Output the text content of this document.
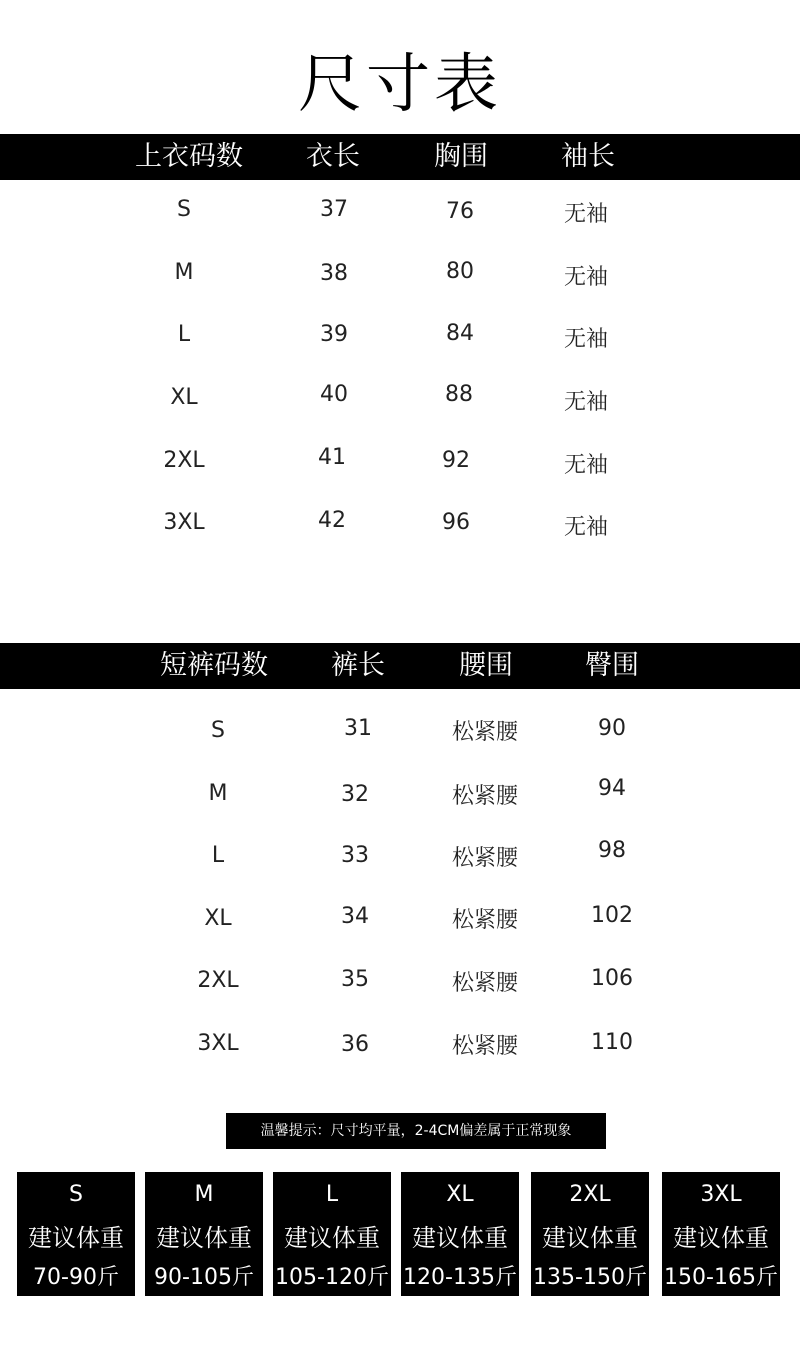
尺寸表
上衣码数 衣长	胸围	袖长
S	37	76	无袖
M	38	80	无袖
L	39	84	无袖
XL	40	88	无袖
2XL	41	92	无袖
3XL	42	96	无袖
短裤码数 裤长	腰围	臀围
S	31	松紧腰	90
M	32	松紧腰	94
L	33	松紧腰	98
XL	34	松紧腰	102
2XL	35	松紧腰	106
3XL	36	松紧腰	110
温馨提示：尺寸均平量，2-4CM偏差属于正常现象
S
建议体重
70-90斤
M
建议体重
90-105斤
L
建议体重
105-120斤
XL
建议体重
120-135斤
2XL
建议体重
135-150斤
3XL
建议体重
150-165斤
